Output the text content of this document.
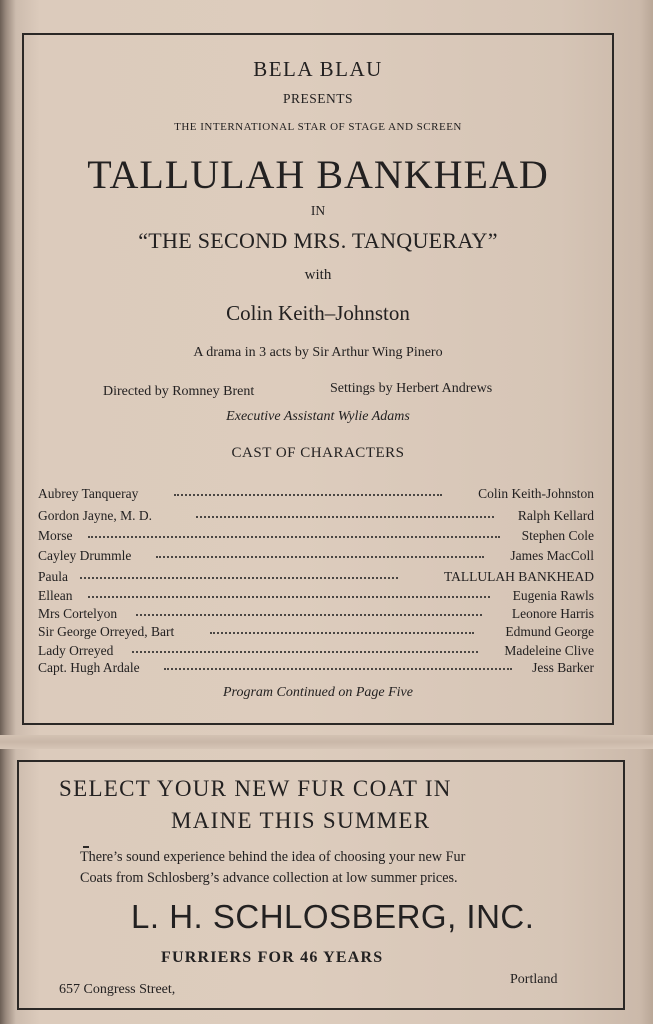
BELA BLAU
PRESENTS
THE INTERNATIONAL STAR OF STAGE AND SCREEN
TALLULAH BANKHEAD
IN
“THE SECOND MRS. TANQUERAY”
with
Colin Keith–Johnston
A drama in 3 acts by Sir Arthur Wing Pinero
Directed by Romney Brent	Settings by Herbert Andrews
Executive Assistant Wylie Adams
CAST OF CHARACTERS
Program Continued on Page Five
Aubrey Tanqueray	Colin Keith-Johnston
Gordon Jayne, M. D.	Ralph Kellard
Morse	Stephen Cole
Cayley Drummle	James MacColl
Paula	TALLULAH BANKHEAD
Ellean	Eugenia Rawls
Mrs Cortelyon	Leonore Harris
Sir George Orreyed, Bart	Edmund George
Lady Orreyed	Madeleine Clive
Capt. Hugh Ardale	Jess Barker
SELECT YOUR NEW FUR COAT IN
MAINE THIS SUMMER
There’s sound experience behind the idea of choosing your new Fur
Coats from Schlosberg’s advance collection at low summer prices.
L. H. SCHLOSBERG, INC.
FURRIERS FOR 46 YEARS
657 Congress Street,
Portland
